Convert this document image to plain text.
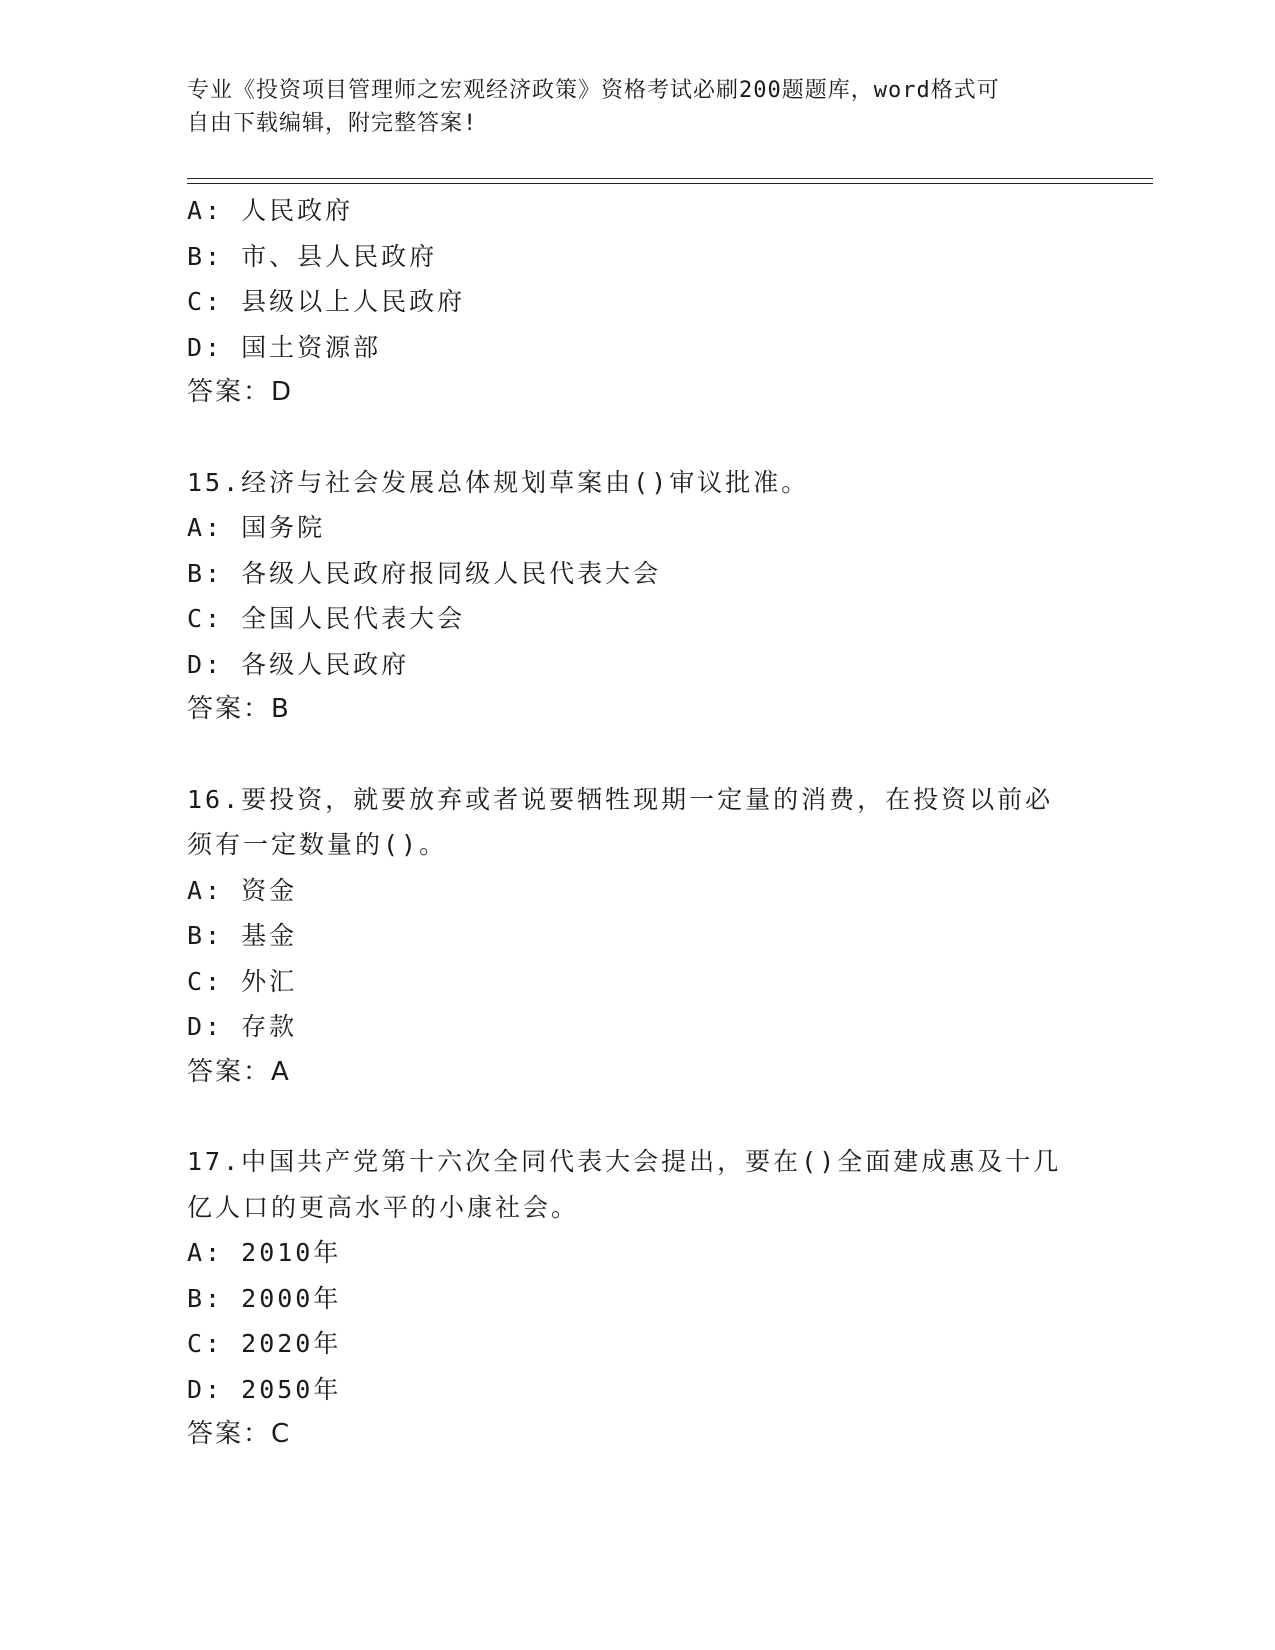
专业《投资项目管理师之宏观经济政策》资格考试必刷200题题库，word格式可
自由下载编辑，附完整答案!
A: 人民政府
B: 市、县人民政府
C: 县级以上人民政府
D: 国土资源部
答案：D
15.经济与社会发展总体规划草案由()审议批准。
A: 国务院
B: 各级人民政府报同级人民代表大会
C: 全国人民代表大会
D: 各级人民政府
答案：B
16.要投资，就要放弃或者说要牺牲现期一定量的消费，在投资以前必
须有一定数量的()。
A: 资金
B: 基金
C: 外汇
D: 存款
答案：A
17.中国共产党第十六次全同代表大会提出，要在()全面建成惠及十几
亿人口的更高水平的小康社会。
A: 2010年
B: 2000年
C: 2020年
D: 2050年
答案：C
